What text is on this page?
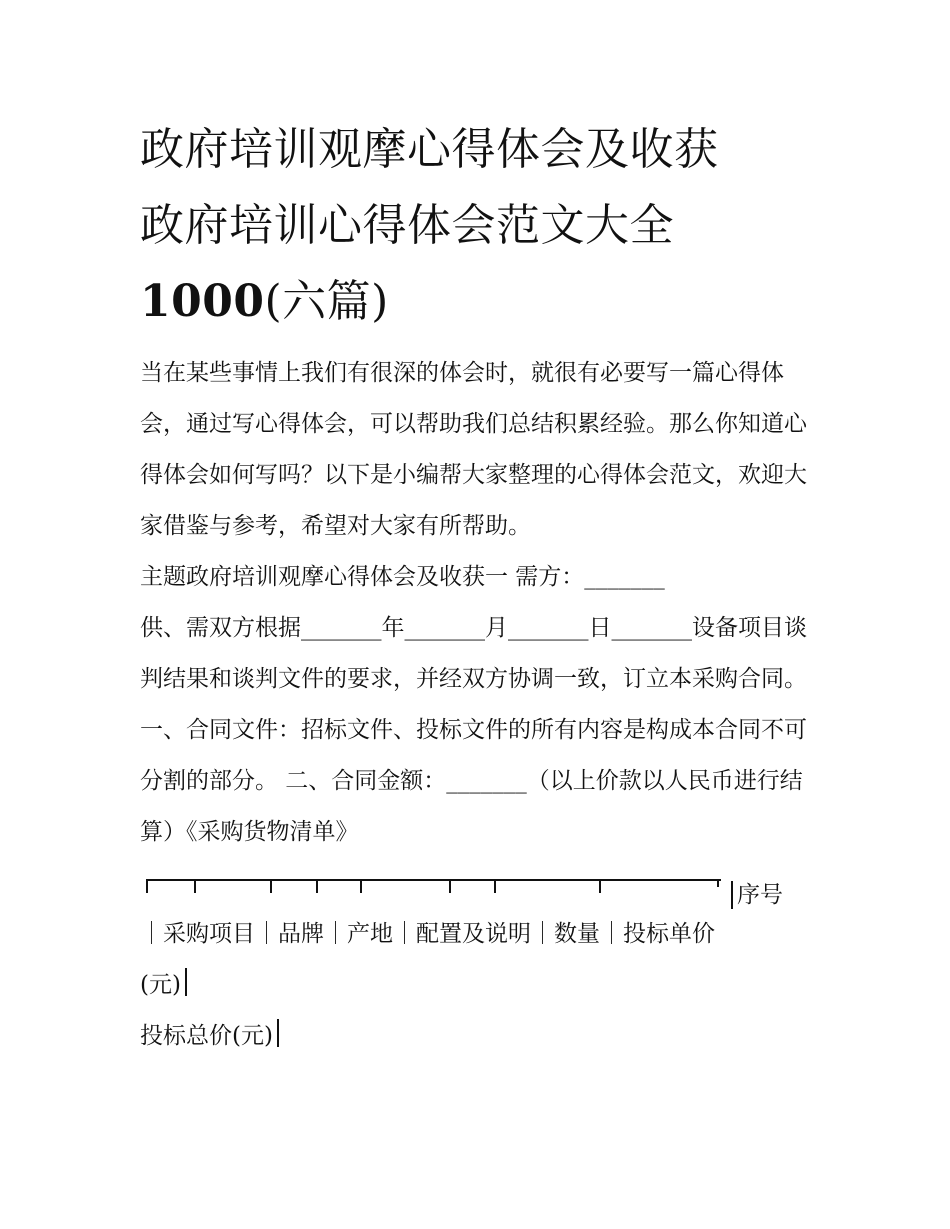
政府培训观摩心得体会及收获
政府培训心得体会范文大全
1000(六篇)

当在某些事情上我们有很深的体会时，就很有必要写一篇心得体会，通过写心得体会，可以帮助我们总结积累经验。那么你知道心得体会如何写吗？以下是小编帮大家整理的心得体会范文，欢迎大家借鉴与参考，希望对大家有所帮助。

主题政府培训观摩心得体会及收获一 需方：_______

供、需双方根据_______年_______月_______日_______设备项目谈判结果和谈判文件的要求，并经双方协调一致，订立本采购合同。

一、合同文件：招标文件、投标文件的所有内容是构成本合同不可分割的部分。 二、合同金额：_______（以上价款以人民币进行结算）《采购货物清单》

序号

｜采购项目｜品牌｜产地｜配置及说明｜数量｜投标单价

(元)

投标总价(元)
